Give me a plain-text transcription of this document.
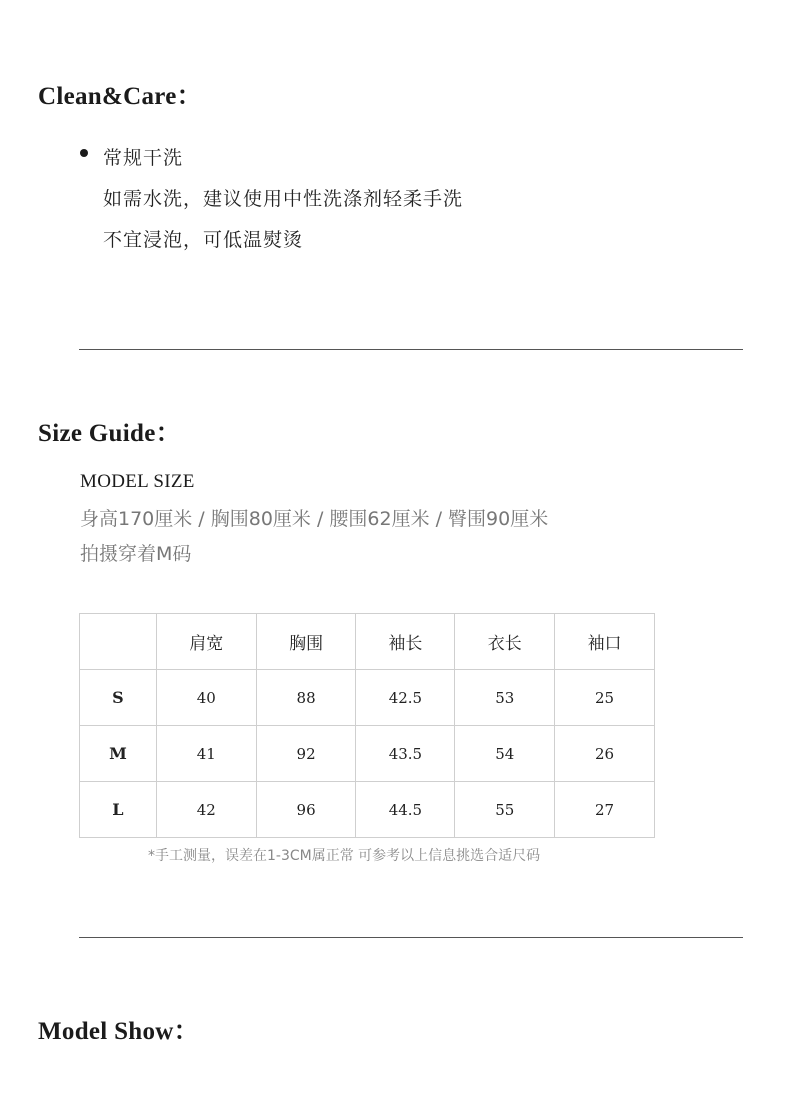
Clean&Care：
常规干洗
如需水洗，建议使用中性洗涤剂轻柔手洗
不宜浸泡，可低温熨烫
Size Guide：
MODEL SIZE
身高170厘米 / 胸围80厘米 / 腰围62厘米 / 臀围90厘米
拍摄穿着M码
	肩宽	胸围	袖长	衣长	袖口
S	40	88	42.5	53	25
M	41	92	43.5	54	26
L	42	96	44.5	55	27
*手工测量，误差在1-3CM属正常 可参考以上信息挑选合适尺码
Model Show：
